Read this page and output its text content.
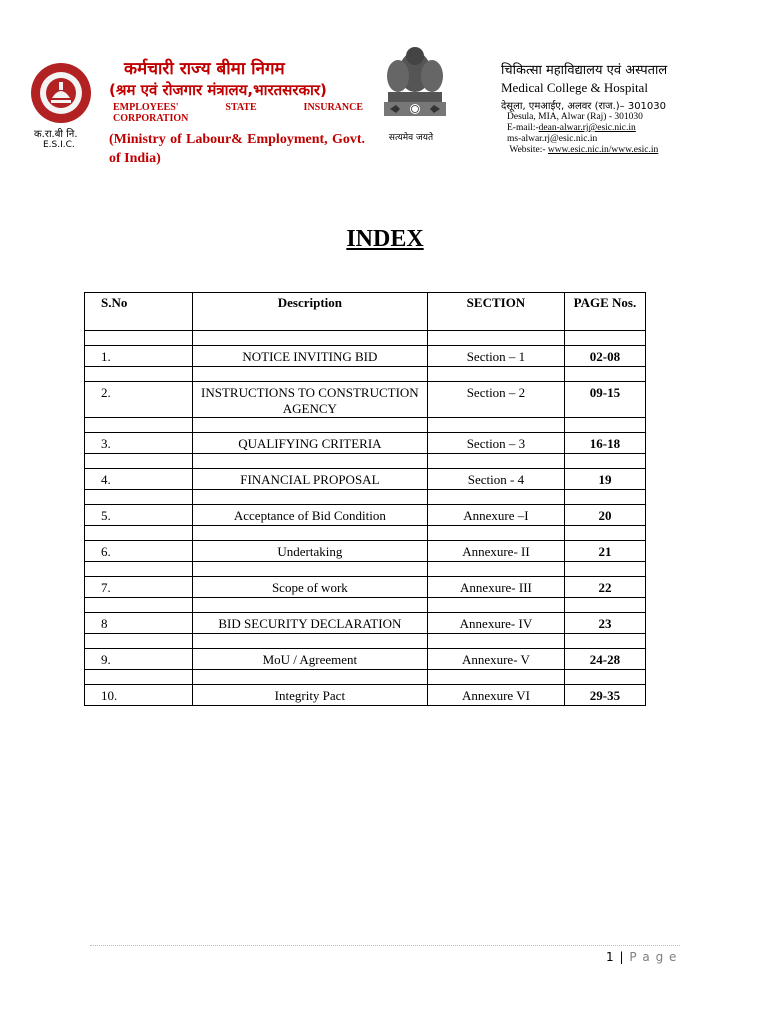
क.रा.बी नि.
E.S.I.C.
कर्मचारी राज्य बीमा निगम
(श्रम एवं रोजगार मंत्रालय,भारतसरकार)
EMPLOYEES'	STATE	INSURANCE
CORPORATION
(Ministry of Labour& Employment, Govt. of India)
सत्यमेव जयते
चिकित्सा महाविद्यालय एवं अस्पताल
Medical College & Hospital
देसूला, एमआईए, अलवर (राज.)– 301030
Desula, MIA, Alwar (Raj) - 301030
E-mail:-dean-alwar.rj@esic.nic.in
ms-alwar.rj@esic.nic.in
Website:- www.esic.nic.in/www.esic.in
INDEX
S.No	Description	SECTION	PAGE Nos.

1.	NOTICE INVITING BID	Section – 1	02-08

2.	INSTRUCTIONS TO CONSTRUCTION AGENCY	Section – 2	09-15

3.	QUALIFYING CRITERIA	Section – 3	16-18

4.	FINANCIAL PROPOSAL	Section - 4	19

5.	Acceptance of Bid Condition	Annexure –I	20

6.	Undertaking	Annexure- II	21

7.	Scope of work	Annexure- III	22

8	BID SECURITY DECLARATION	Annexure- IV	23

9.	MoU / Agreement	Annexure- V	24-28

10.	Integrity Pact	Annexure VI	29-35
1 | P a g e
